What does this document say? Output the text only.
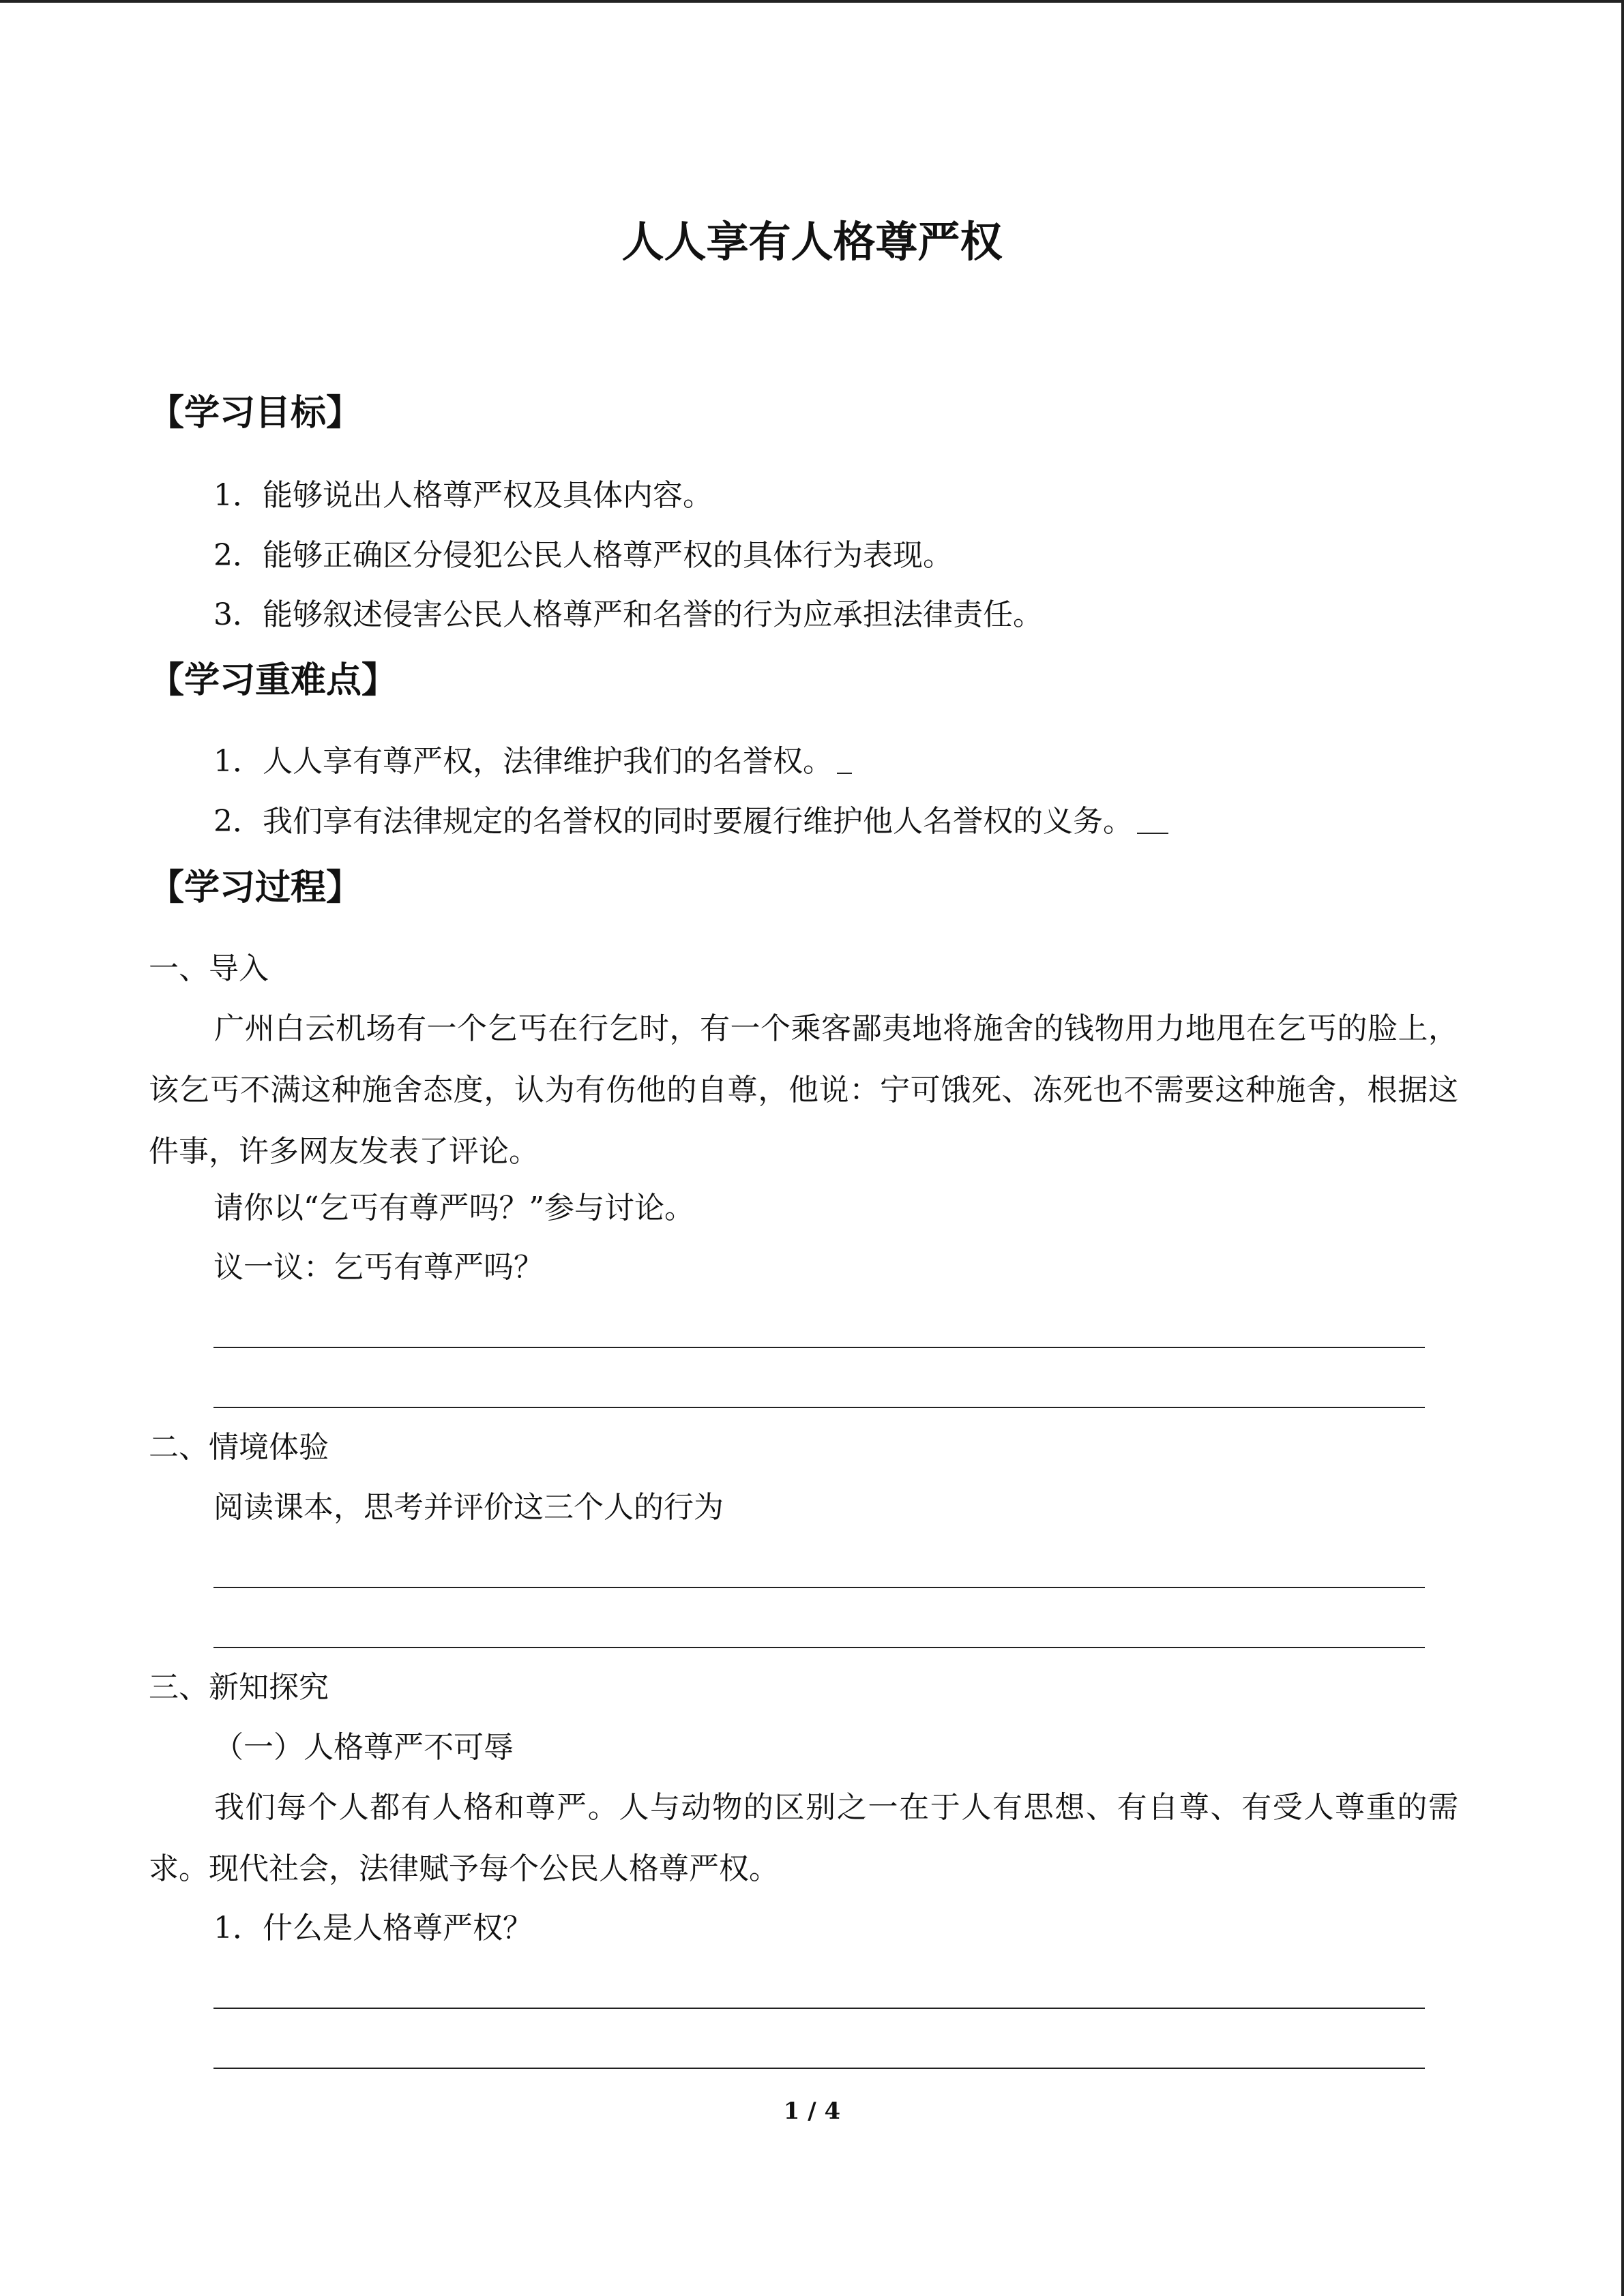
人人享有人格尊严权
【学习目标】
1．能够说出人格尊严权及具体内容。
2．能够正确区分侵犯公民人格尊严权的具体行为表现。
3．能够叙述侵害公民人格尊严和名誉的行为应承担法律责任。
【学习重难点】
1．人人享有尊严权，法律维护我们的名誉权。
2．我们享有法律规定的名誉权的同时要履行维护他人名誉权的义务。
【学习过程】
一、导入
广州白云机场有一个乞丐在行乞时，有一个乘客鄙夷地将施舍的钱物用力地甩在乞丐的脸上，该乞丐不满这种施舍态度，认为有伤他的自尊，他说：宁可饿死、冻死也不需要这种施舍，根据这件事，许多网友发表了评论。
请你以“乞丐有尊严吗？”参与讨论。
议一议：乞丐有尊严吗？
二、情境体验
阅读课本，思考并评价这三个人的行为
三、新知探究
（一）人格尊严不可辱
我们每个人都有人格和尊严。人与动物的区别之一在于人有思想、有自尊、有受人尊重的需求。现代社会，法律赋予每个公民人格尊严权。
1．什么是人格尊严权？
1 / 4
